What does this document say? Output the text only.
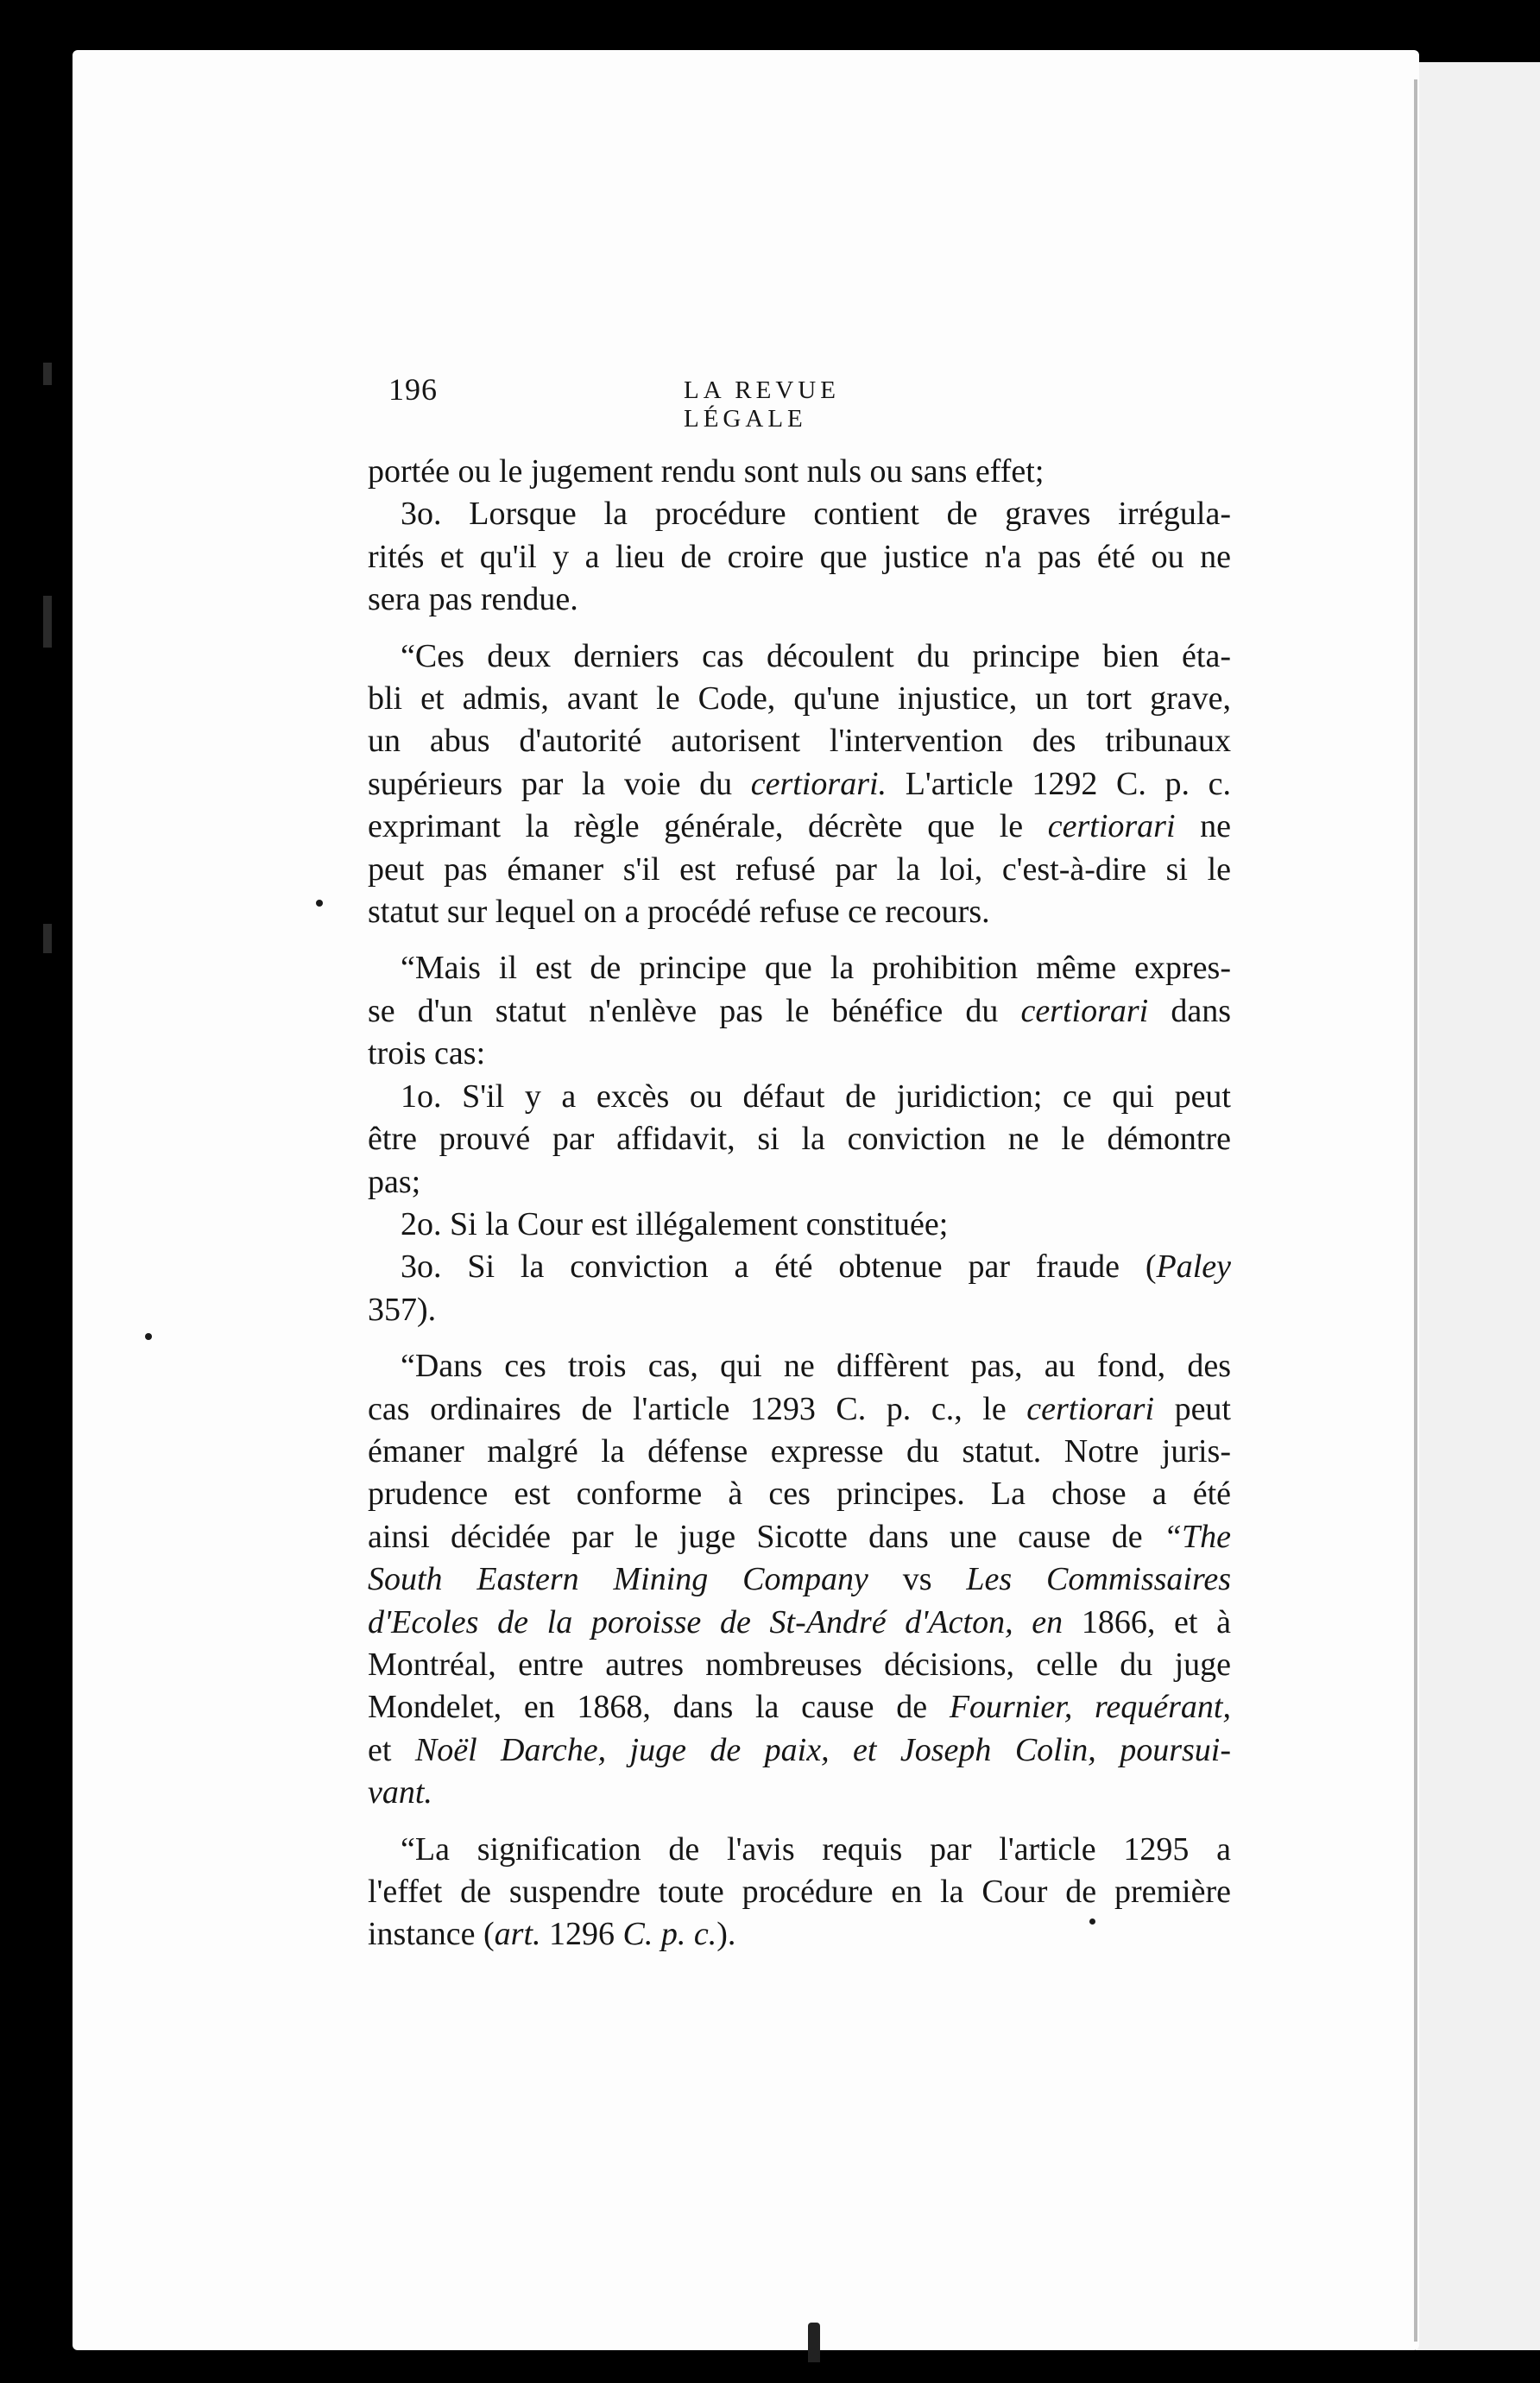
196	LA REVUE LÉGALE

portée ou le jugement rendu sont nuls ou sans effet;

3o. Lorsque la procédure contient de graves irrégula-
rités et qu'il y a lieu de croire que justice n'a pas été ou ne
sera pas rendue.

“Ces deux derniers cas découlent du principe bien éta-
bli et admis, avant le Code, qu'une injustice, un tort grave,
un abus d'autorité autorisent l'intervention des tribunaux
supérieurs par la voie du certiorari. L'article 1292 C. p. c.
exprimant la règle générale, décrète que le certiorari ne
peut pas émaner s'il est refusé par la loi, c'est-à-dire si le
statut sur lequel on a procédé refuse ce recours.

“Mais il est de principe que la prohibition même expres-
se d'un statut n'enlève pas le bénéfice du certiorari dans
trois cas:

1o. S'il y a excès ou défaut de juridiction; ce qui peut
être prouvé par affidavit, si la conviction ne le démontre
pas;

2o. Si la Cour est illégalement constituée;

3o. Si la conviction a été obtenue par fraude (Paley
357).

“Dans ces trois cas, qui ne diffèrent pas, au fond, des
cas ordinaires de l'article 1293 C. p. c., le certiorari peut
émaner malgré la défense expresse du statut. Notre juris-
prudence est conforme à ces principes. La chose a été
ainsi décidée par le juge Sicotte dans une cause de “The
South Eastern Mining Company vs Les Commissaires
d'Ecoles de la poroisse de St-André d'Acton, en 1866, et à
Montréal, entre autres nombreuses décisions, celle du juge
Mondelet, en 1868, dans la cause de Fournier, requérant,
et Noël Darche, juge de paix, et Joseph Colin, poursui-
vant.

“La signification de l'avis requis par l'article 1295 a
l'effet de suspendre toute procédure en la Cour de première
instance (art. 1296 C. p. c.).
